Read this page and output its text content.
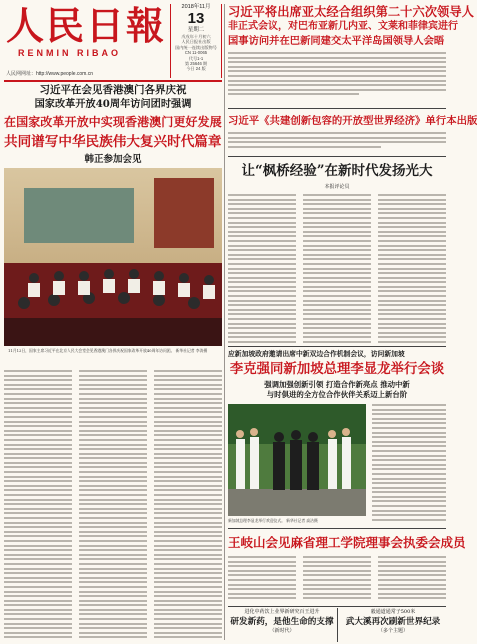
人民日報
RENMIN RIBAO
2018年11月
13
星期二
戊戌年十月初六
人民日报社出版
国内统一连续出版物号
CN 11-0065
代号1-1
第 25646 期
今日 24 版
人民网网址：http://www.people.com.cn
习近平将出席亚太经合组织第二十六次领导人
非正式会议，对巴布亚新几内亚、文莱和菲律宾进行
国事访问并在巴新同建交太平洋岛国领导人会晤
习近平《共建创新包容的开放型世界经济》单行本出版
让“枫桥经验”在新时代发扬光大
本报评论员
习近平在会见香港澳门各界庆祝
国家改革开放40周年访问团时强调
在国家改革开放中实现香港澳门更好发展
共同谱写中华民族伟大复兴时代篇章
韩正参加会见
11月12日，国家主席习近平在北京人民大会堂会见香港澳门各界庆祝国家改革开放40周年访问团。 新华社记者 李涛摄	应新加坡政府邀请出席中新双边合作机制会议，访问新加坡
李克强同新加坡总理李显龙举行会谈
强调加强创新引领 打造合作新亮点 推动中新
与时俱进的全方位合作伙伴关系迈上新台阶
新加坡总理李显龙举行欢迎仪式。 新华社记者 高洁摄
王岐山会见麻省理工学院理事会执委会成员
进化中药饮上业界新研究百王进升
研发新药，是他生命的支撑
（新时代）
毅通道通常子500米
武大溪再次刷新世界纪录
（多个主题）
